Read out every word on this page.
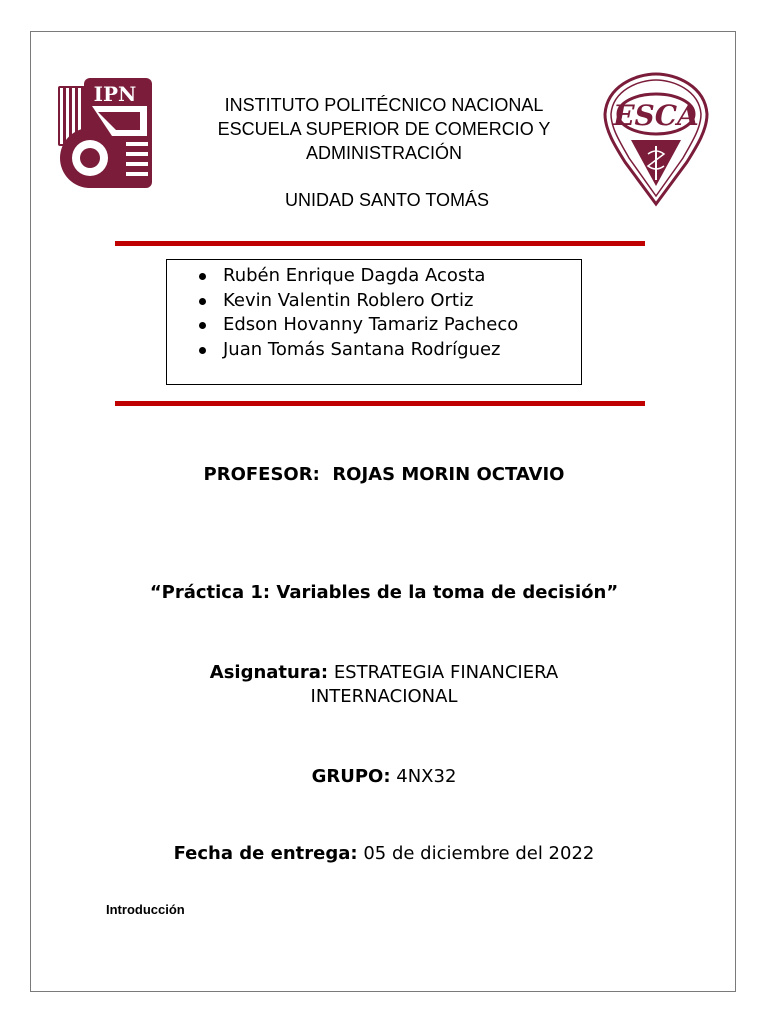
IPN
ESCA
INSTITUTO POLITÉCNICO NACIONAL
ESCUELA SUPERIOR DE COMERCIO Y
ADMINISTRACIÓN
UNIDAD SANTO TOMÁS
Rubén Enrique Dagda Acosta
Kevin Valentin Roblero Ortiz
Edson Hovanny Tamariz Pacheco
Juan Tomás Santana Rodríguez
PROFESOR:  ROJAS MORIN OCTAVIO
“Práctica 1: Variables de la toma de decisión”
Asignatura: ESTRATEGIA FINANCIERA
INTERNACIONAL
GRUPO: 4NX32
Fecha de entrega: 05 de diciembre del 2022
Introducción
